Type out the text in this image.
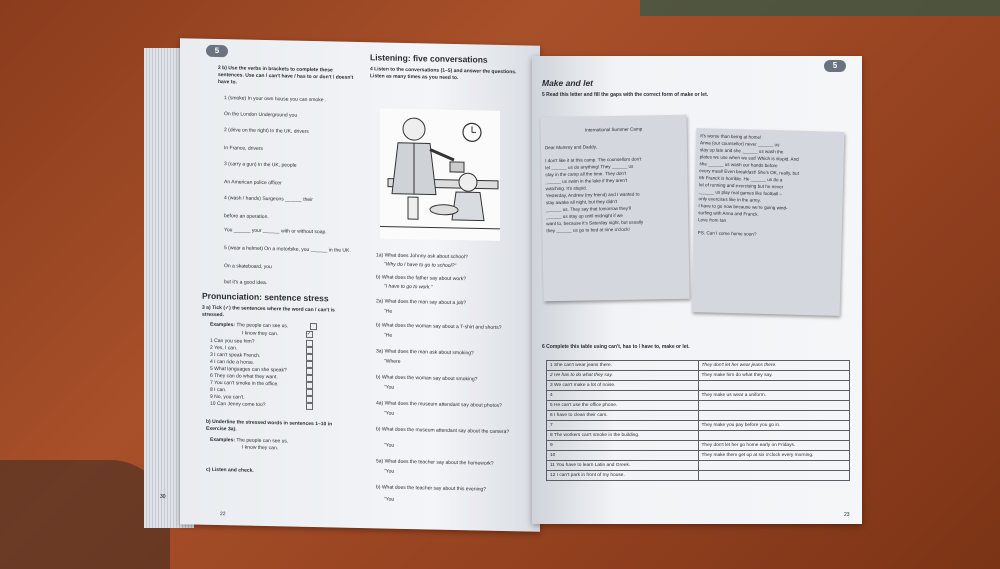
30
5
2 b) Use the verbs in brackets to complete these sentences. Use can / can't have / has to or don't / doesn't have to.
1 (smoke) In your own house you can smoke .
On the London Underground you
2 (drive on the right) In the UK, drivers
In France, drivers
3 (carry a gun) In the UK, people
An American police officer
4 (wash / hands) Surgeons ______ their
before an operation.
You ______ your ______ with or without soap.
5 (wear a helmet) On a motorbike, you ______ in the UK.
On a skateboard, you
but it's a good idea.
Pronunciation: sentence stress
3 a) Tick (✓) the sentences where the word can / can't is stressed.
Examples: The people can see us.
I know they can.	✓
1 Can you see him?
2 Yes, I can.
3 I can't speak French.
4 I can ride a horse.
5 What languages can she speak?
6 They can do what they want.
7 You can't smoke in the office.
8 I can.
9 No, you can't.
10 Can Jenny come too?
b) Underline the stressed words in sentences 1–10 in Exercise 3a).
Examples: The people can see us.
I know they can.
c) Listen and check.
Listening: five conversations
4 Listen to the conversations (1–5) and answer the questions. Listen as many times as you need to.
1a) What does Johnny ask about school?
"Why do I have to go to school?"
b) What does the father say about work?
"I have to go to work."
2a) What does the man say about a job?
"He
b) What does the woman say about a T-shirt and shorts?
"He
3a) What does the man ask about smoking?
"Where
b) What does the woman say about smoking?
"You
4a) What does the museum attendant say about photos?
"You
b) What does the museum attendant say about the camera?
"You
5a) What does the teacher say about the homework?
"You
b) What does the teacher say about this evening?
"You
22
5
Make and let
5 Read this letter and fill the gaps with the correct form of make or let.
International Summer Camp
Dear Mummy and Daddy,
I don't like it at this camp. The counsellors don't
let ______ us do anything! They ______ us
stay in the camp all the time. They don't
______ us swim in the lake if they aren't
watching. It's stupid.
Yesterday, Andrew (my friend) and I wanted to
stay awake all night, but they didn't
______ us. They say that tomorrow they'll
______ us stay up until midnight if we
want to, because it's Saturday night, but usually
they ______ us go to bed at nine o'clock!
It's worse than being at home!
Anna (our counsellor) never ______ us
stay up late and she ______ us wash the
plates we use when we eat! Which is stupid. And
she ______ us wash our hands before
every meal! Even breakfast! She's OK, really, but
Mr Franck is horrible. He ______ us do a
lot of running and exercising but he never
______ us play real games like football –
only exercises like in the army.
I have to go now because we're going wind-
surfing with Anna and Franck.
Love from Ian
PS. Can I come home soon?
6 Complete this table using can't, has to / have to, make or let.
1 She can't wear jeans there.	They don't let her wear jeans there.
2 He has to do what they say.	They make him do what they say.
3 We can't make a lot of noise.	
4	They make us wear a uniform.
5 He can't use the office phone.	
6 I have to clean their cars.	
7	They make you pay before you go in.
8 The workers can't smoke in the building.	
9	They don't let her go home early on Fridays.
10	They make them get up at six o'clock every morning.
11 You have to learn Latin and Greek.	
12 I can't park in front of my house.	
23
